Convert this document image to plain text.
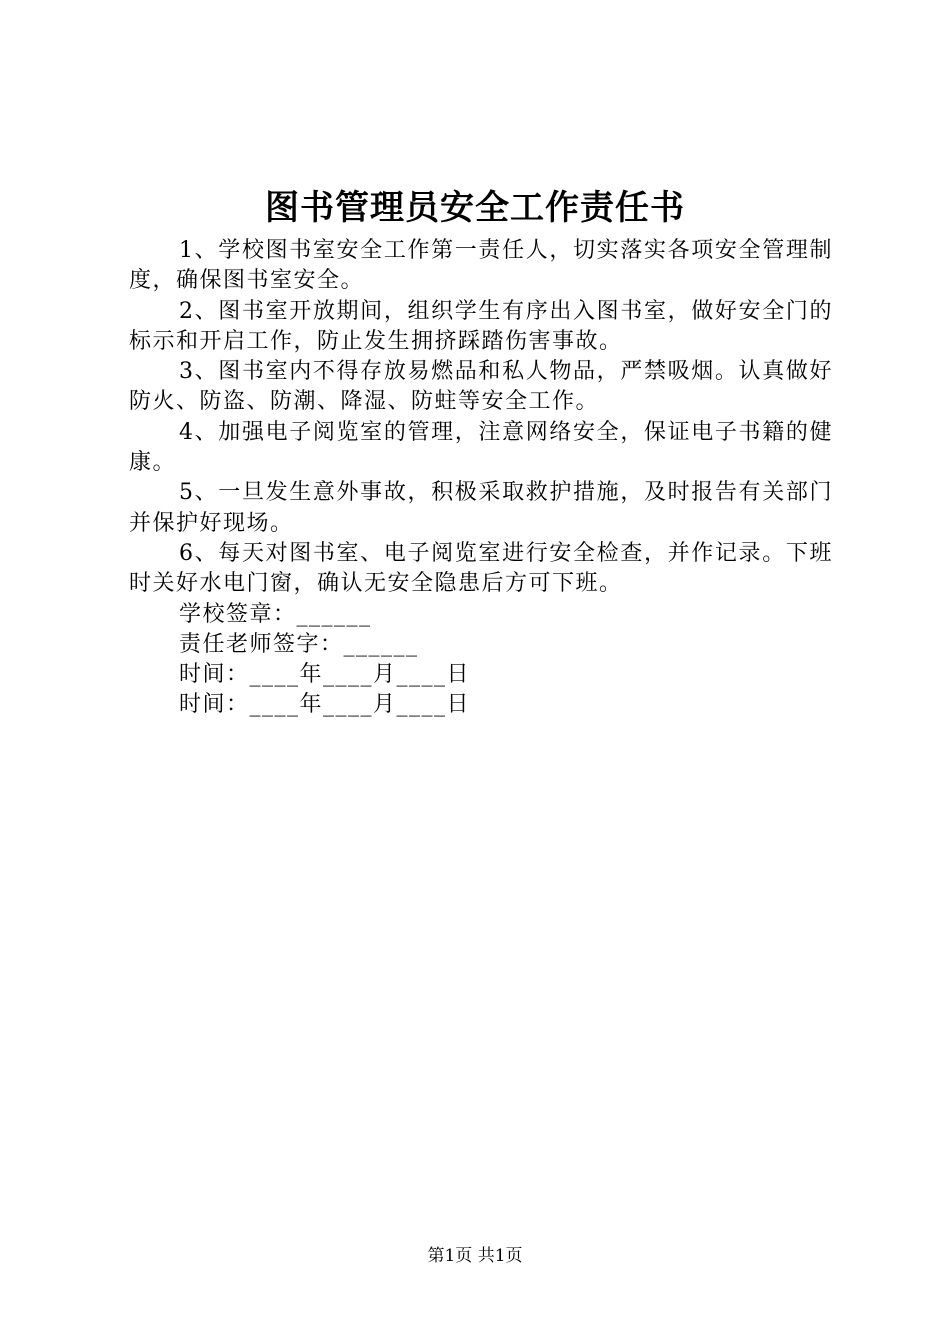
图书管理员安全工作责任书

1、学校图书室安全工作第一责任人，切实落实各项安全管理制度，确保图书室安全。

2、图书室开放期间，组织学生有序出入图书室，做好安全门的标示和开启工作，防止发生拥挤踩踏伤害事故。

3、图书室内不得存放易燃品和私人物品，严禁吸烟。认真做好防火、防盗、防潮、降湿、防蛀等安全工作。

4、加强电子阅览室的管理，注意网络安全，保证电子书籍的健康。

5、一旦发生意外事故，积极采取救护措施，及时报告有关部门并保护好现场。

6、每天对图书室、电子阅览室进行安全检查，并作记录。下班时关好水电门窗，确认无安全隐患后方可下班。

学校签章：______

责任老师签字：______

时间：____年____月____日

时间：____年____月____日

第1页 共1页
